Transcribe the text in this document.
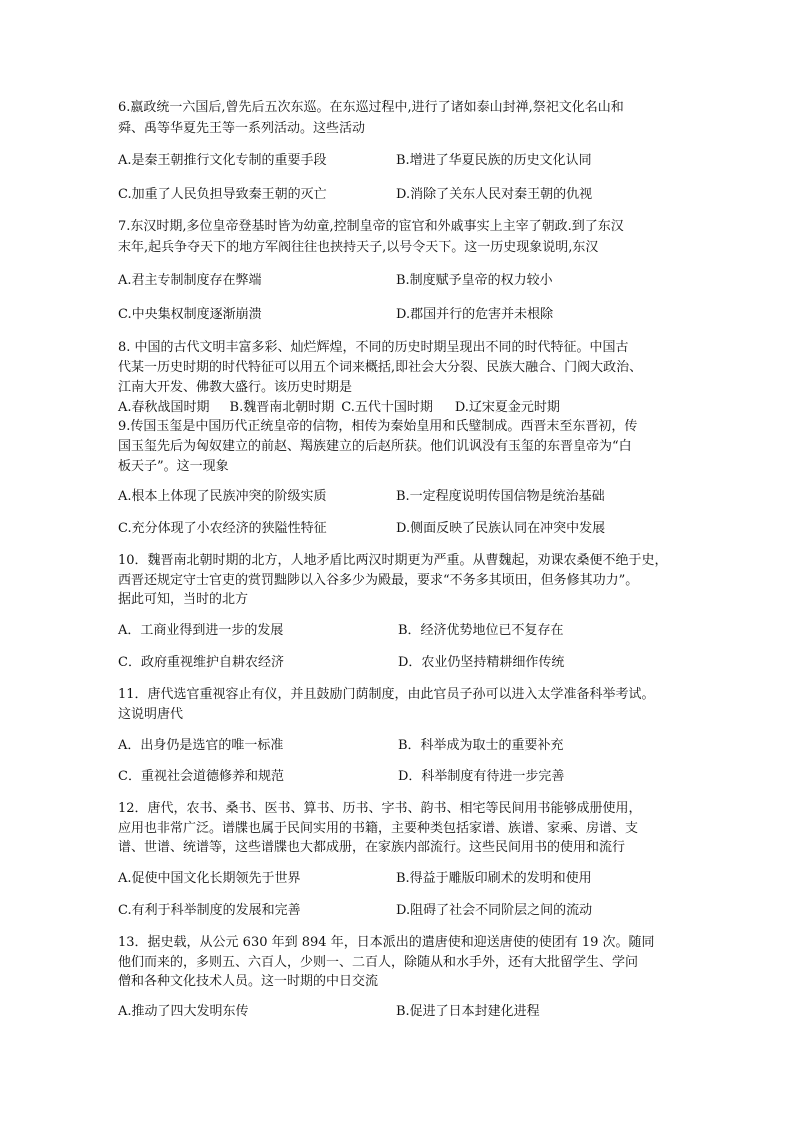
6.嬴政统一六国后,曾先后五次东巡。在东巡过程中,进行了诸如泰山封禅,祭祀文化名山和
舜、禹等华夏先王等一系列活动。这些活动
A.是秦王朝推行文化专制的重要手段	B.增进了华夏民族的历史文化认同
C.加重了人民负担导致秦王朝的灭亡	D.消除了关东人民对秦王朝的仇视
7.东汉时期,多位皇帝登基时皆为幼童,控制皇帝的宦官和外戚事实上主宰了朝政.到了东汉
末年,起兵争夺天下的地方军阀往往也挟持天子,以号令天下。这一历史现象说明,东汉
A.君主专制制度存在弊端	B.制度赋予皇帝的权力较小
C.中央集权制度逐渐崩溃	D.郡国并行的危害并未根除
8. 中国的古代文明丰富多彩、灿烂辉煌，不同的历史时期呈现出不同的时代特征。中国古
代某一历史时期的时代特征可以用五个词来概括,即社会大分裂、民族大融合、门阀大政治、
江南大开发、佛教大盛行。该历史时期是
A.春秋战国时期 B.魏晋南北朝时期 C.五代十国时期 D.辽宋夏金元时期
9.传国玉玺是中国历代正统皇帝的信物，相传为秦始皇用和氏璧制成。西晋末至东晋初，传
国玉玺先后为匈奴建立的前赵、羯族建立的后赵所获。他们讥讽没有玉玺的东晋皇帝为“白
板天子”。这一现象
A.根本上体现了民族冲突的阶级实质	B.一定程度说明传国信物是统治基础
C.充分体现了小农经济的狭隘性特征	D.侧面反映了民族认同在冲突中发展
10．魏晋南北朝时期的北方，人地矛盾比两汉时期更为严重。从曹魏起，劝课农桑便不绝于史，
西晋还规定守士官吏的赏罚黜陟以入谷多少为殿最，要求“不务多其顷田，但务修其功力”。
据此可知，当时的北方
A．工商业得到进一步的发展	B．经济优势地位已不复存在
C．政府重视维护自耕农经济	D．农业仍坚持精耕细作传统
11．唐代选官重视容止有仪，并且鼓励门荫制度，由此官员子孙可以进入太学准备科举考试。
这说明唐代
A．出身仍是选官的唯一标准	B．科举成为取士的重要补充
C．重视社会道德修养和规范	D．科举制度有待进一步完善
12．唐代，农书、桑书、医书、算书、历书、字书、韵书、相宅等民间用书能够成册使用，
应用也非常广泛。谱牒也属于民间实用的书籍，主要种类包括家谱、族谱、家乘、房谱、支
谱、世谱、统谱等，这些谱牒也大都成册，在家族内部流行。这些民间用书的使用和流行
A.促使中国文化长期领先于世界	B.得益于雕版印刷术的发明和使用
C.有利于科举制度的发展和完善	D.阻碍了社会不同阶层之间的流动
13．据史载，从公元 630 年到 894 年，日本派出的遣唐使和迎送唐使的使团有 19 次。随同
他们而来的，多则五、六百人，少则一、二百人，除随从和水手外，还有大批留学生、学问
僧和各种文化技术人员。这一时期的中日交流
A.推动了四大发明东传	B.促进了日本封建化进程
